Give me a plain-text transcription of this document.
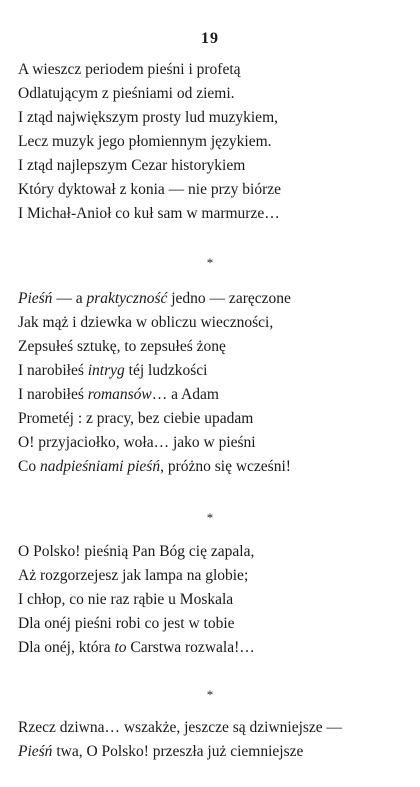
19
A wieszcz periodem pieśni i profetą
Odlatującym z pieśniami od ziemi.
I ztąd największym prosty lud muzykiem,
Lecz muzyk jego płomiennym językiem.
I ztąd najlepszym Cezar historykiem
Który dyktował z konia — nie przy biórze
I Michał-Anioł co kuł sam w marmurze…
*
Pieśń — a praktyczność jedno — zaręczone
Jak mąż i dziewka w obliczu wieczności,
Zepsułeś sztukę, to zepsułeś żonę
I narobiłeś intryg téj ludzkości
I narobiłeś romansów… a Adam
Prometéj : z pracy, bez ciebie upadam
O! przyjaciołko, woła… jako w pieśni
Co nadpieśniami pieśń, próżno się wcześni!
*
O Polsko! pieśnią Pan Bóg cię zapala,
Aż rozgorzejesz jak lampa na globie;
I chłop, co nie raz rąbie u Moskala
Dla onéj pieśni robi co jest w tobie
Dla onéj, która to Carstwa rozwala!…
*
Rzecz dziwna… wszakże, jeszcze są dziwniejsze —
Pieśń twa, O Polsko! przeszła już ciemniejsze
